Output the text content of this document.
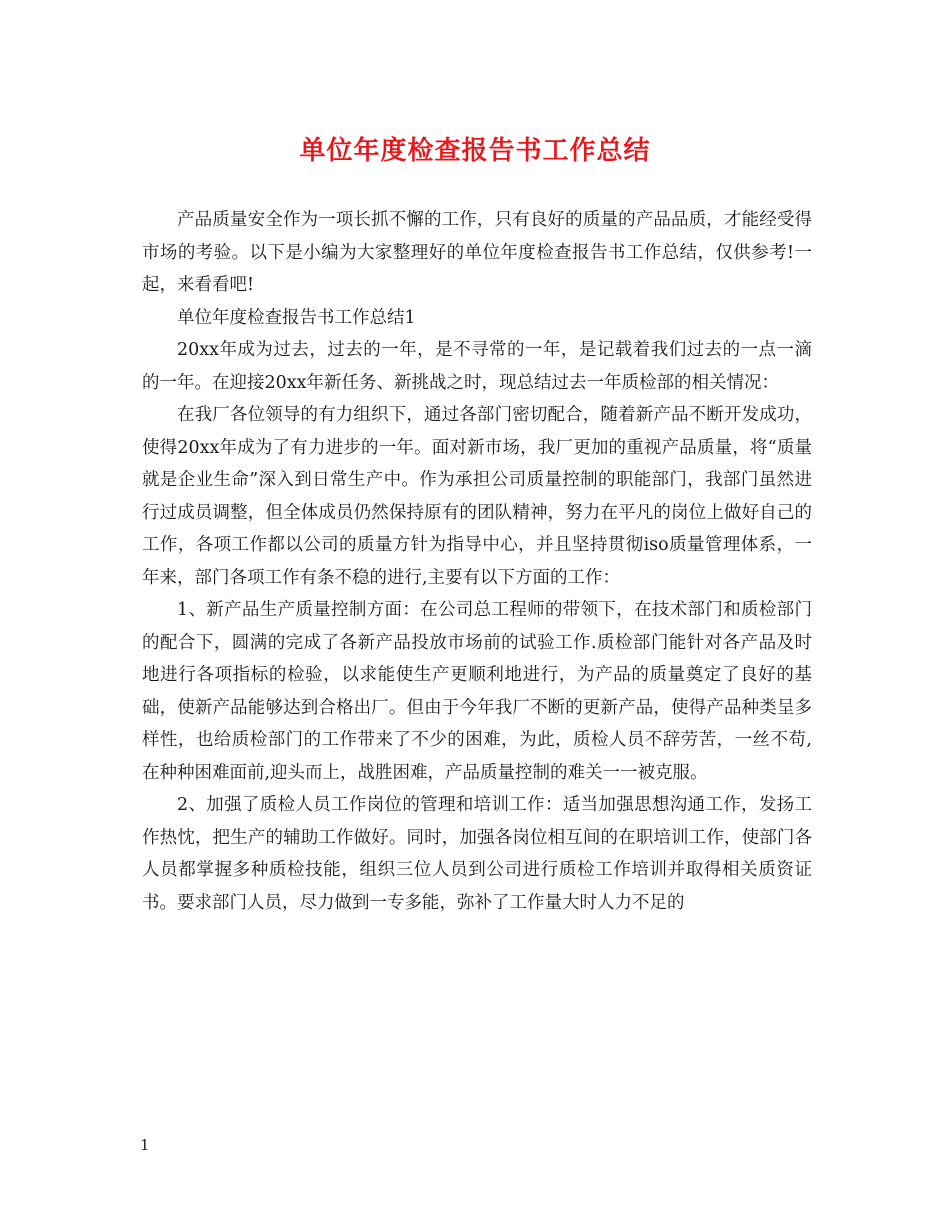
单位年度检查报告书工作总结

产品质量安全作为一项长抓不懈的工作，只有良好的质量的产品品质，才能经受得市场的考验。以下是小编为大家整理好的单位年度检查报告书工作总结，仅供参考!一起，来看看吧!

单位年度检查报告书工作总结1

20xx年成为过去，过去的一年，是不寻常的一年，是记载着我们过去的一点一滴的一年。在迎接20xx年新任务、新挑战之时，现总结过去一年质检部的相关情况：

在我厂各位领导的有力组织下，通过各部门密切配合，随着新产品不断开发成功，使得20xx年成为了有力进步的一年。面对新市场，我厂更加的重视产品质量，将“质量就是企业生命”深入到日常生产中。作为承担公司质量控制的职能部门，我部门虽然进行过成员调整，但全体成员仍然保持原有的团队精神，努力在平凡的岗位上做好自己的工作，各项工作都以公司的质量方针为指导中心，并且坚持贯彻iso质量管理体系，一年来，部门各项工作有条不稳的进行,主要有以下方面的工作：

1、新产品生产质量控制方面：在公司总工程师的带领下，在技术部门和质检部门的配合下，圆满的完成了各新产品投放市场前的试验工作.质检部门能针对各产品及时地进行各项指标的检验，以求能使生产更顺利地进行，为产品的质量奠定了良好的基础，使新产品能够达到合格出厂。但由于今年我厂不断的更新产品，使得产品种类呈多样性，也给质检部门的工作带来了不少的困难，为此，质检人员不辞劳苦，一丝不苟,在种种困难面前,迎头而上，战胜困难，产品质量控制的难关一一被克服。

2、加强了质检人员工作岗位的管理和培训工作：适当加强思想沟通工作，发扬工作热忱，把生产的辅助工作做好。同时，加强各岗位相互间的在职培训工作，使部门各人员都掌握多种质检技能，组织三位人员到公司进行质检工作培训并取得相关质资证书。要求部门人员，尽力做到一专多能，弥补了工作量大时人力不足的

1
